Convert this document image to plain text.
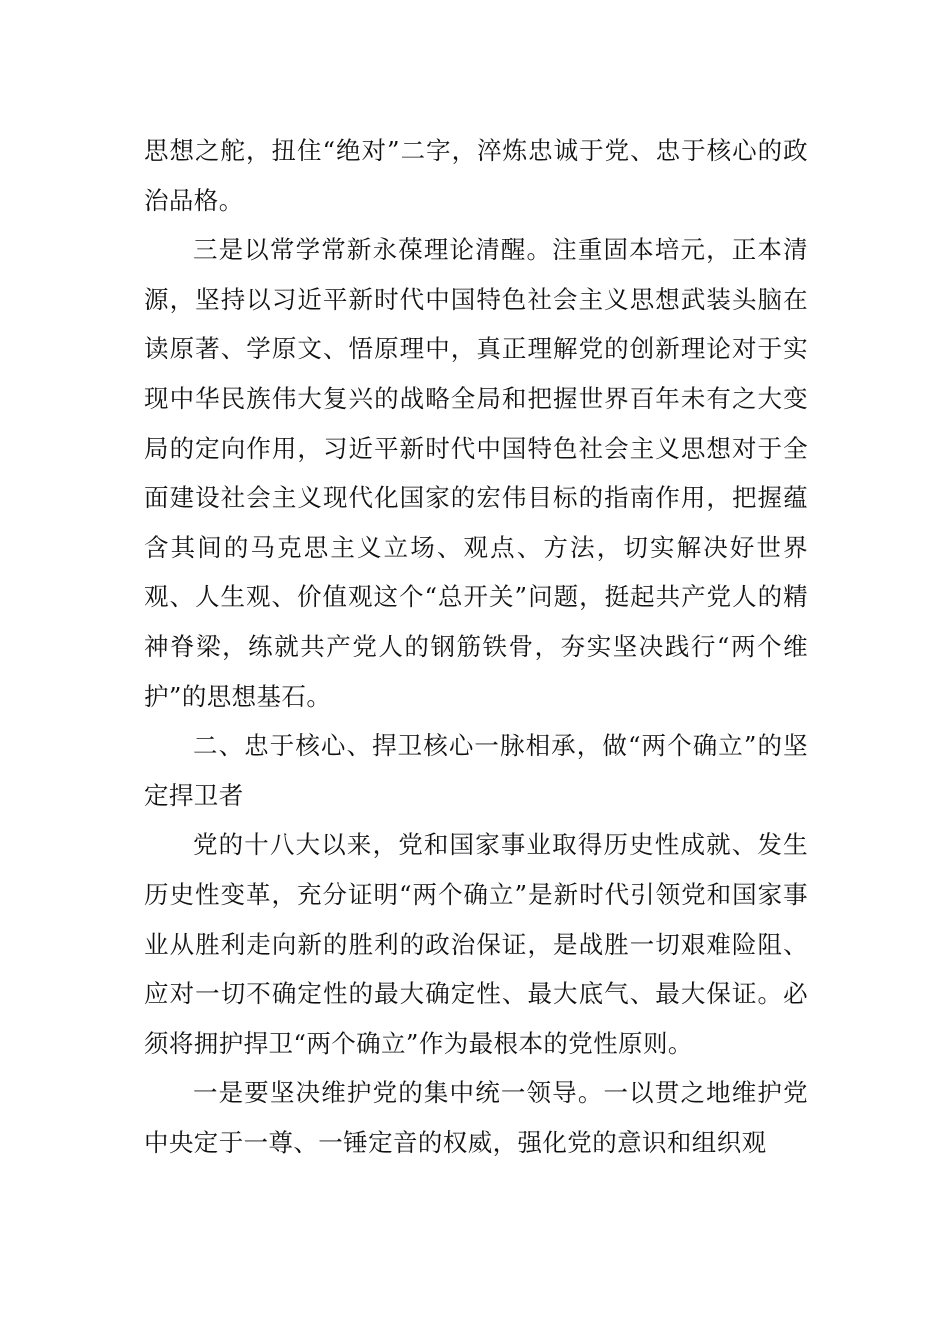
思想之舵，扭住“绝对”二字，淬炼忠诚于党、忠于核心的政治品格。

三是以常学常新永葆理论清醒。注重固本培元，正本清源，坚持以习近平新时代中国特色社会主义思想武装头脑在读原著、学原文、悟原理中，真正理解党的创新理论对于实现中华民族伟大复兴的战略全局和把握世界百年未有之大变局的定向作用，习近平新时代中国特色社会主义思想对于全面建设社会主义现代化国家的宏伟目标的指南作用，把握蕴含其间的马克思主义立场、观点、方法，切实解决好世界观、人生观、价值观这个“总开关”问题，挺起共产党人的精神脊梁，练就共产党人的钢筋铁骨，夯实坚决践行“两个维护”的思想基石。

二、忠于核心、捍卫核心一脉相承，做“两个确立”的坚定捍卫者

党的十八大以来，党和国家事业取得历史性成就、发生历史性变革，充分证明“两个确立”是新时代引领党和国家事业从胜利走向新的胜利的政治保证，是战胜一切艰难险阻、应对一切不确定性的最大确定性、最大底气、最大保证。必须将拥护捍卫“两个确立”作为最根本的党性原则。

一是要坚决维护党的集中统一领导。一以贯之地维护党中央定于一尊、一锤定音的权威，强化党的意识和组织观
